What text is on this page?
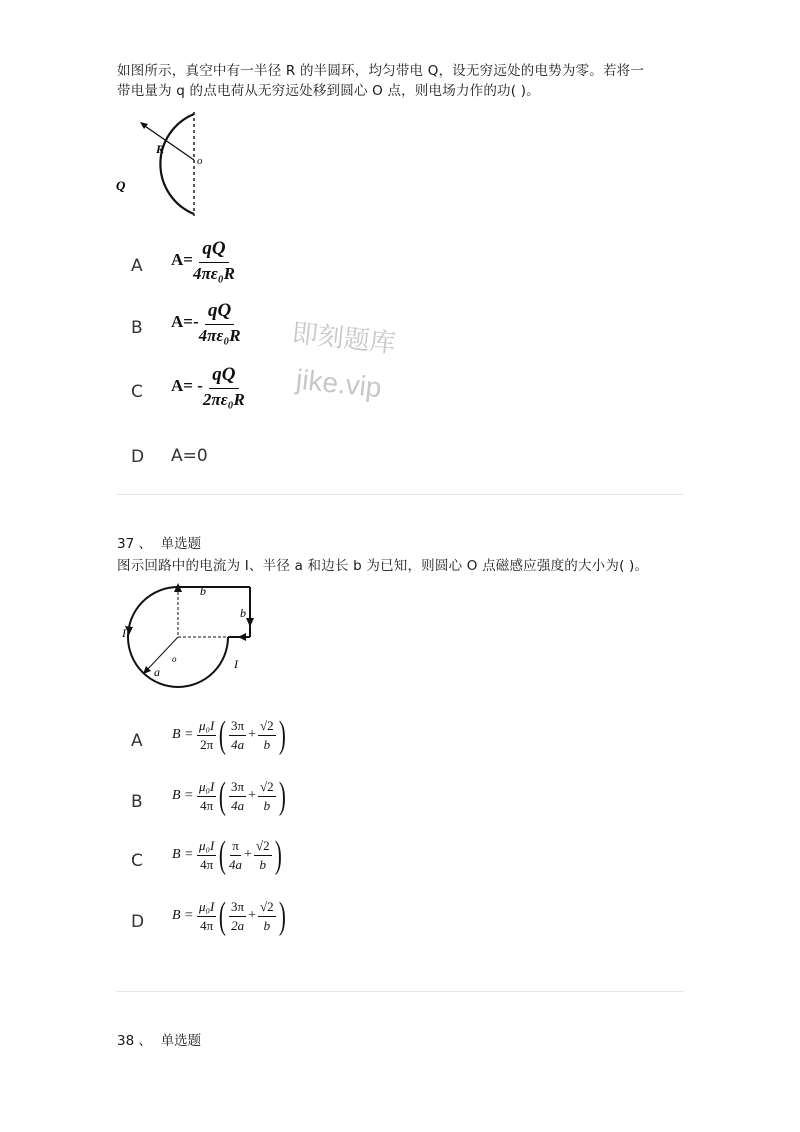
如图所示，真空中有一半径 R 的半圆环，均匀带电 Q，设无穷远处的电势为零。若将一
带电量为 q 的点电荷从无穷远处移到圆心 O 点，则电场力作的功( )。
R
o
Q
A $A= \frac{qQ}{\text{4πε₀R}}$
B $A=- \frac{qQ}{\text{4πε₀R}}$
C $A= - \frac{qQ}{\text{2πε₀R}}$
D A=0
即刻题库
jike.vip
37 、 单选题
图示回路中的电流为 I、半径 a 和边长 b 为已知，则圆心 O 点磁感应强度的大小为( )。
b
b
I
I
a
o
A $B = \frac{\text{μ₀I}}{2\pi}$ ( $\frac{3\pi}{4a} + \frac{√2}{b}$ )
B $B = \frac{\text{μ₀I}}{4\pi}$ ( $\frac{3\pi}{4a} + \frac{√2}{b}$ )
C $B = \frac{\text{μ₀I}}{4\pi}$ ( $\frac{\pi}{4a} + \frac{√2}{b}$ )
D $B = \frac{\text{μ₀I}}{4\pi}$ ( $\frac{3\pi}{2a} + \frac{√2}{b}$ )
38 、 单选题
